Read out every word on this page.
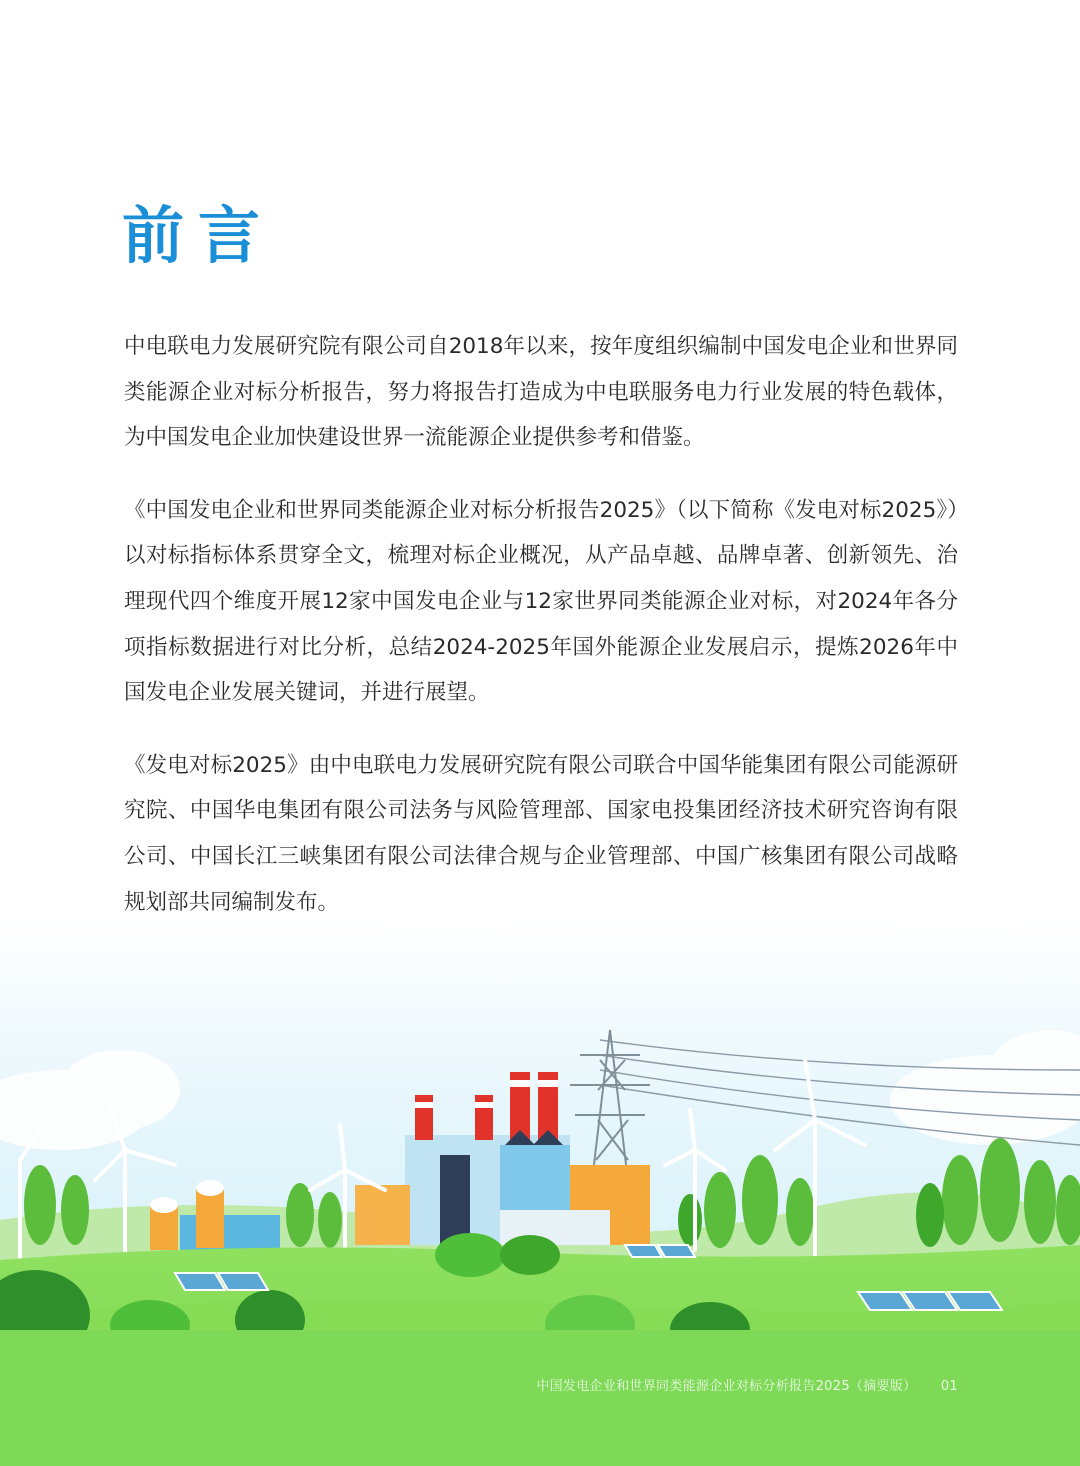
前言

中电联电力发展研究院有限公司自2018年以来，按年度组织编制中国发电企业和世界同类能源企业对标分析报告，努力将报告打造成为中电联服务电力行业发展的特色载体，为中国发电企业加快建设世界一流能源企业提供参考和借鉴。

《中国发电企业和世界同类能源企业对标分析报告2025》（以下简称《发电对标2025》）以对标指标体系贯穿全文，梳理对标企业概况，从产品卓越、品牌卓著、创新领先、治理现代四个维度开展12家中国发电企业与12家世界同类能源企业对标，对2024年各分项指标数据进行对比分析，总结2024-2025年国外能源企业发展启示，提炼2026年中国发电企业发展关键词，并进行展望。

《发电对标2025》由中电联电力发展研究院有限公司联合中国华能集团有限公司能源研究院、中国华电集团有限公司法务与风险管理部、国家电投集团经济技术研究咨询有限公司、中国长江三峡集团有限公司法律合规与企业管理部、中国广核集团有限公司战略规划部共同编制发布。

中国发电企业和世界同类能源企业对标分析报告2025（摘要版） 01
